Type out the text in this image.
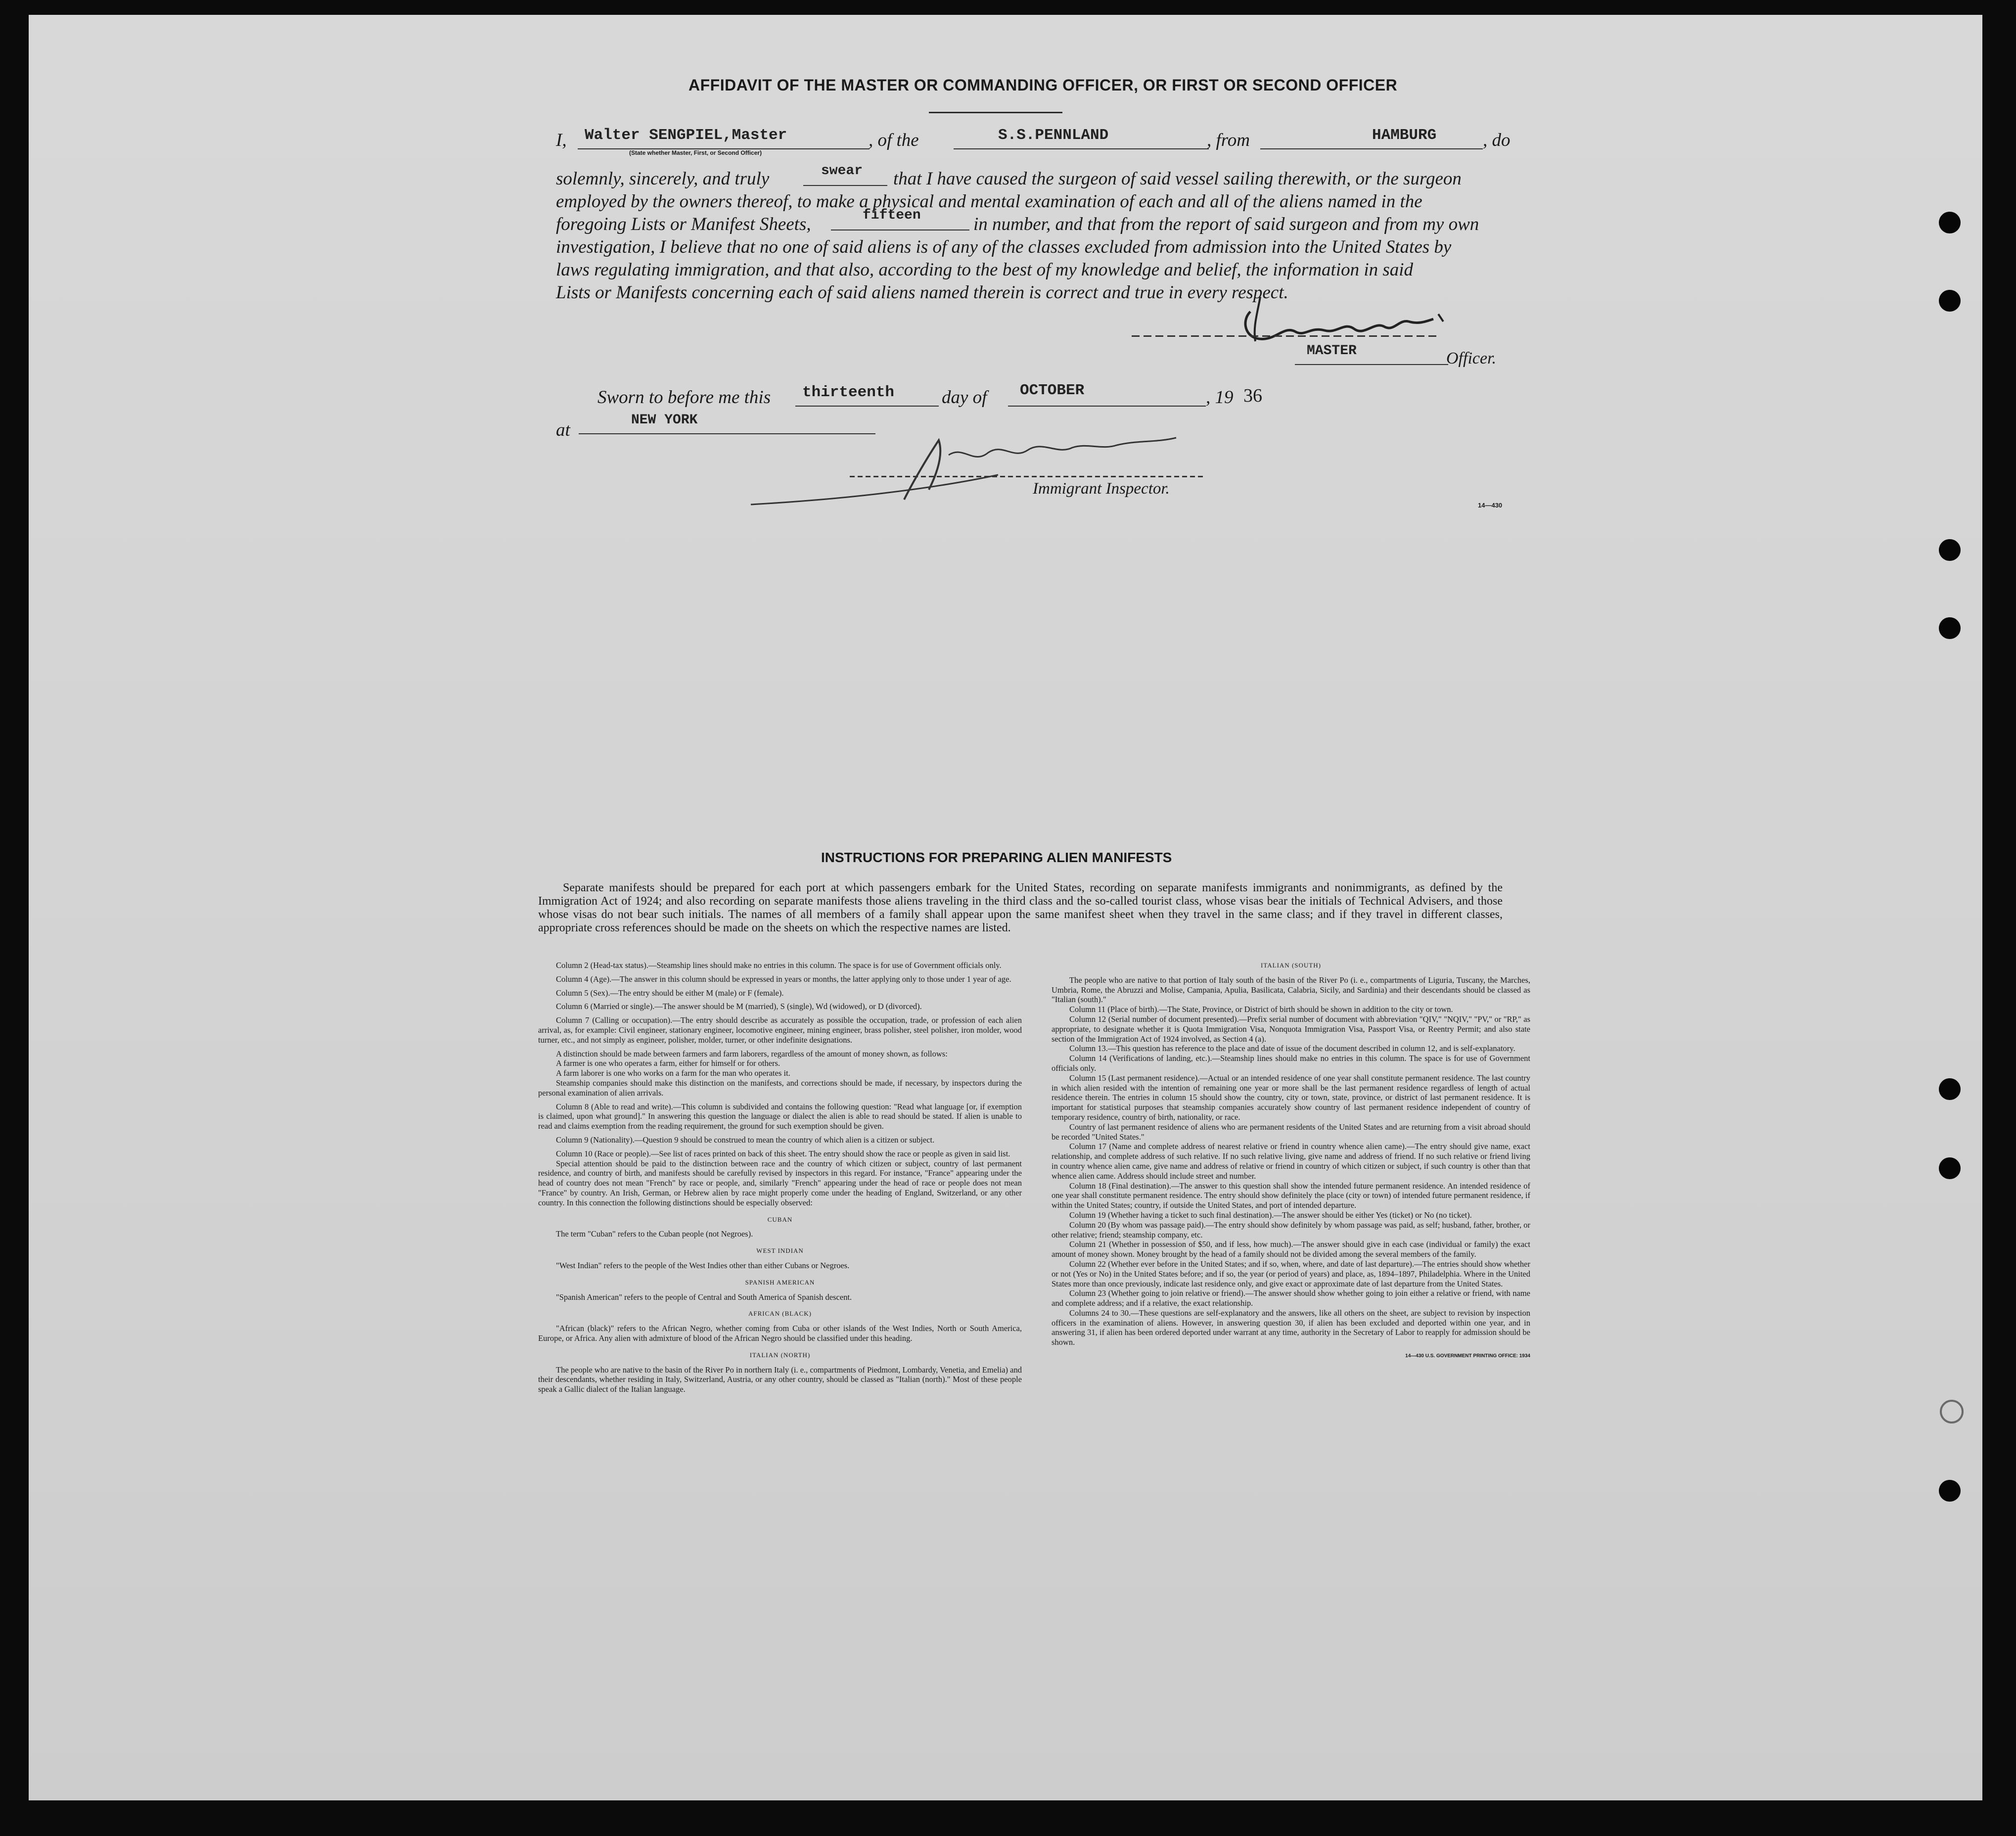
AFFIDAVIT OF THE MASTER OR COMMANDING OFFICER, OR FIRST OR SECOND OFFICER
I, Walter SENGPIEL,Master
(State whether Master, First, or Second Officer)
, of the	S.S.PENNLAND	, from	HAMBURG	, do
solemnly, sincerely, and truly	swear that I have caused the surgeon of said vessel sailing therewith, or the surgeon
employed by the owners thereof, to make a physical and mental examination of each and all of the aliens named in the
foregoing Lists or Manifest Sheets,	fifteen	in number, and that from the report of said surgeon and from my own
investigation, I believe that no one of said aliens is of any of the classes excluded from admission into the United States by
laws regulating immigration, and that also, according to the best of my knowledge and belief, the information in said
Lists or Manifests concerning each of said aliens named therein is correct and true in every respect.
MASTER	Officer.
Sworn to before me this thirteenth	day of OCTOBER	, 19 36
at	NEW YORK
Immigrant Inspector.
14—430
INSTRUCTIONS FOR PREPARING ALIEN MANIFESTS
Separate manifests should be prepared for each port at which passengers embark for the United States, recording on separate manifests immigrants and nonimmigrants, as defined by the Immigration Act of 1924; and also recording on separate manifests those aliens traveling in the third class and the so-called tourist class, whose visas bear the initials of Technical Advisers, and those whose visas do not bear such initials. The names of all members of a family shall appear upon the same manifest sheet when they travel in the same class; and if they travel in different classes, appropriate cross references should be made on the sheets on which the respective names are listed.

Column 2 (Head-tax status).—Steamship lines should make no entries in this column. The space is for use of Government officials only.

Column 4 (Age).—The answer in this column should be expressed in years or months, the latter applying only to those under 1 year of age.

Column 5 (Sex).—The entry should be either M (male) or F (female).

Column 6 (Married or single).—The answer should be M (married), S (single), Wd (widowed), or D (divorced).

Column 7 (Calling or occupation).—The entry should describe as accurately as possible the occupation, trade, or profession of each alien arrival, as, for example: Civil engineer, stationary engineer, locomotive engineer, mining engineer, brass polisher, steel polisher, iron molder, wood turner, etc., and not simply as engineer, polisher, molder, turner, or other indefinite designations.

A distinction should be made between farmers and farm laborers, regardless of the amount of money shown, as follows:

A farmer is one who operates a farm, either for himself or for others.

A farm laborer is one who works on a farm for the man who operates it.

Steamship companies should make this distinction on the manifests, and corrections should be made, if necessary, by inspectors during the personal examination of alien arrivals.

Column 8 (Able to read and write).—This column is subdivided and contains the following question: "Read what language [or, if exemption is claimed, upon what ground]." In answering this question the language or dialect the alien is able to read should be stated. If alien is unable to read and claims exemption from the reading requirement, the ground for such exemption should be given.

Column 9 (Nationality).—Question 9 should be construed to mean the country of which alien is a citizen or subject.

Column 10 (Race or people).—See list of races printed on back of this sheet. The entry should show the race or people as given in said list.

Special attention should be paid to the distinction between race and the country of which citizen or subject, country of last permanent residence, and country of birth, and manifests should be carefully revised by inspectors in this regard. For instance, "France" appearing under the head of country does not mean "French" by race or people, and, similarly "French" appearing under the head of race or people does not mean "France" by country. An Irish, German, or Hebrew alien by race might properly come under the heading of England, Switzerland, or any other country. In this connection the following distinctions should be especially observed:

CUBAN

The term "Cuban" refers to the Cuban people (not Negroes).

WEST INDIAN

"West Indian" refers to the people of the West Indies other than either Cubans or Negroes.

SPANISH AMERICAN

"Spanish American" refers to the people of Central and South America of Spanish descent.

AFRICAN (BLACK)

"African (black)" refers to the African Negro, whether coming from Cuba or other islands of the West Indies, North or South America, Europe, or Africa. Any alien with admixture of blood of the African Negro should be classified under this heading.

ITALIAN (NORTH)

The people who are native to the basin of the River Po in northern Italy (i. e., compartments of Piedmont, Lombardy, Venetia, and Emelia) and their descendants, whether residing in Italy, Switzerland, Austria, or any other country, should be classed as "Italian (north)." Most of these people speak a Gallic dialect of the Italian language.

ITALIAN (SOUTH)

The people who are native to that portion of Italy south of the basin of the River Po (i. e., compartments of Liguria, Tuscany, the Marches, Umbria, Rome, the Abruzzi and Molise, Campania, Apulia, Basilicata, Calabria, Sicily, and Sardinia) and their descendants should be classed as "Italian (south)."

Column 11 (Place of birth).—The State, Province, or District of birth should be shown in addition to the city or town.

Column 12 (Serial number of document presented).—Prefix serial number of document with abbreviation "QIV," "NQIV," "PV," or "RP," as appropriate, to designate whether it is Quota Immigration Visa, Nonquota Immigration Visa, Passport Visa, or Reentry Permit; and also state section of the Immigration Act of 1924 involved, as Section 4 (a).

Column 13.—This question has reference to the place and date of issue of the document described in column 12, and is self-explanatory.

Column 14 (Verifications of landing, etc.).—Steamship lines should make no entries in this column. The space is for use of Government officials only.

Column 15 (Last permanent residence).—Actual or an intended residence of one year shall constitute permanent residence. The last country in which alien resided with the intention of remaining one year or more shall be the last permanent residence regardless of length of actual residence therein. The entries in column 15 should show the country, city or town, state, province, or district of last permanent residence. It is important for statistical purposes that steamship companies accurately show country of last permanent residence independent of country of temporary residence, country of birth, nationality, or race.

Country of last permanent residence of aliens who are permanent residents of the United States and are returning from a visit abroad should be recorded "United States."

Column 17 (Name and complete address of nearest relative or friend in country whence alien came).—The entry should give name, exact relationship, and complete address of such relative. If no such relative living, give name and address of friend. If no such relative or friend living in country whence alien came, give name and address of relative or friend in country of which citizen or subject, if such country is other than that whence alien came. Address should include street and number.

Column 18 (Final destination).—The answer to this question shall show the intended future permanent residence. An intended residence of one year shall constitute permanent residence. The entry should show definitely the place (city or town) of intended future permanent residence, if within the United States; country, if outside the United States, and port of intended departure.

Column 19 (Whether having a ticket to such final destination).—The answer should be either Yes (ticket) or No (no ticket).

Column 20 (By whom was passage paid).—The entry should show definitely by whom passage was paid, as self; husband, father, brother, or other relative; friend; steamship company, etc.

Column 21 (Whether in possession of $50, and if less, how much).—The answer should give in each case (individual or family) the exact amount of money shown. Money brought by the head of a family should not be divided among the several members of the family.

Column 22 (Whether ever before in the United States; and if so, when, where, and date of last departure).—The entries should show whether or not (Yes or No) in the United States before; and if so, the year (or period of years) and place, as, 1894–1897, Philadelphia. Where in the United States more than once previously, indicate last residence only, and give exact or approximate date of last departure from the United States.

Column 23 (Whether going to join relative or friend).—The answer should show whether going to join either a relative or friend, with name and complete address; and if a relative, the exact relationship.

Columns 24 to 30.—These questions are self-explanatory and the answers, like all others on the sheet, are subject to revision by inspection officers in the examination of aliens. However, in answering question 30, if alien has been excluded and deported within one year, and in answering 31, if alien has been ordered deported under warrant at any time, authority in the Secretary of Labor to reapply for admission should be shown.

14—430 U.S. GOVERNMENT PRINTING OFFICE: 1934
